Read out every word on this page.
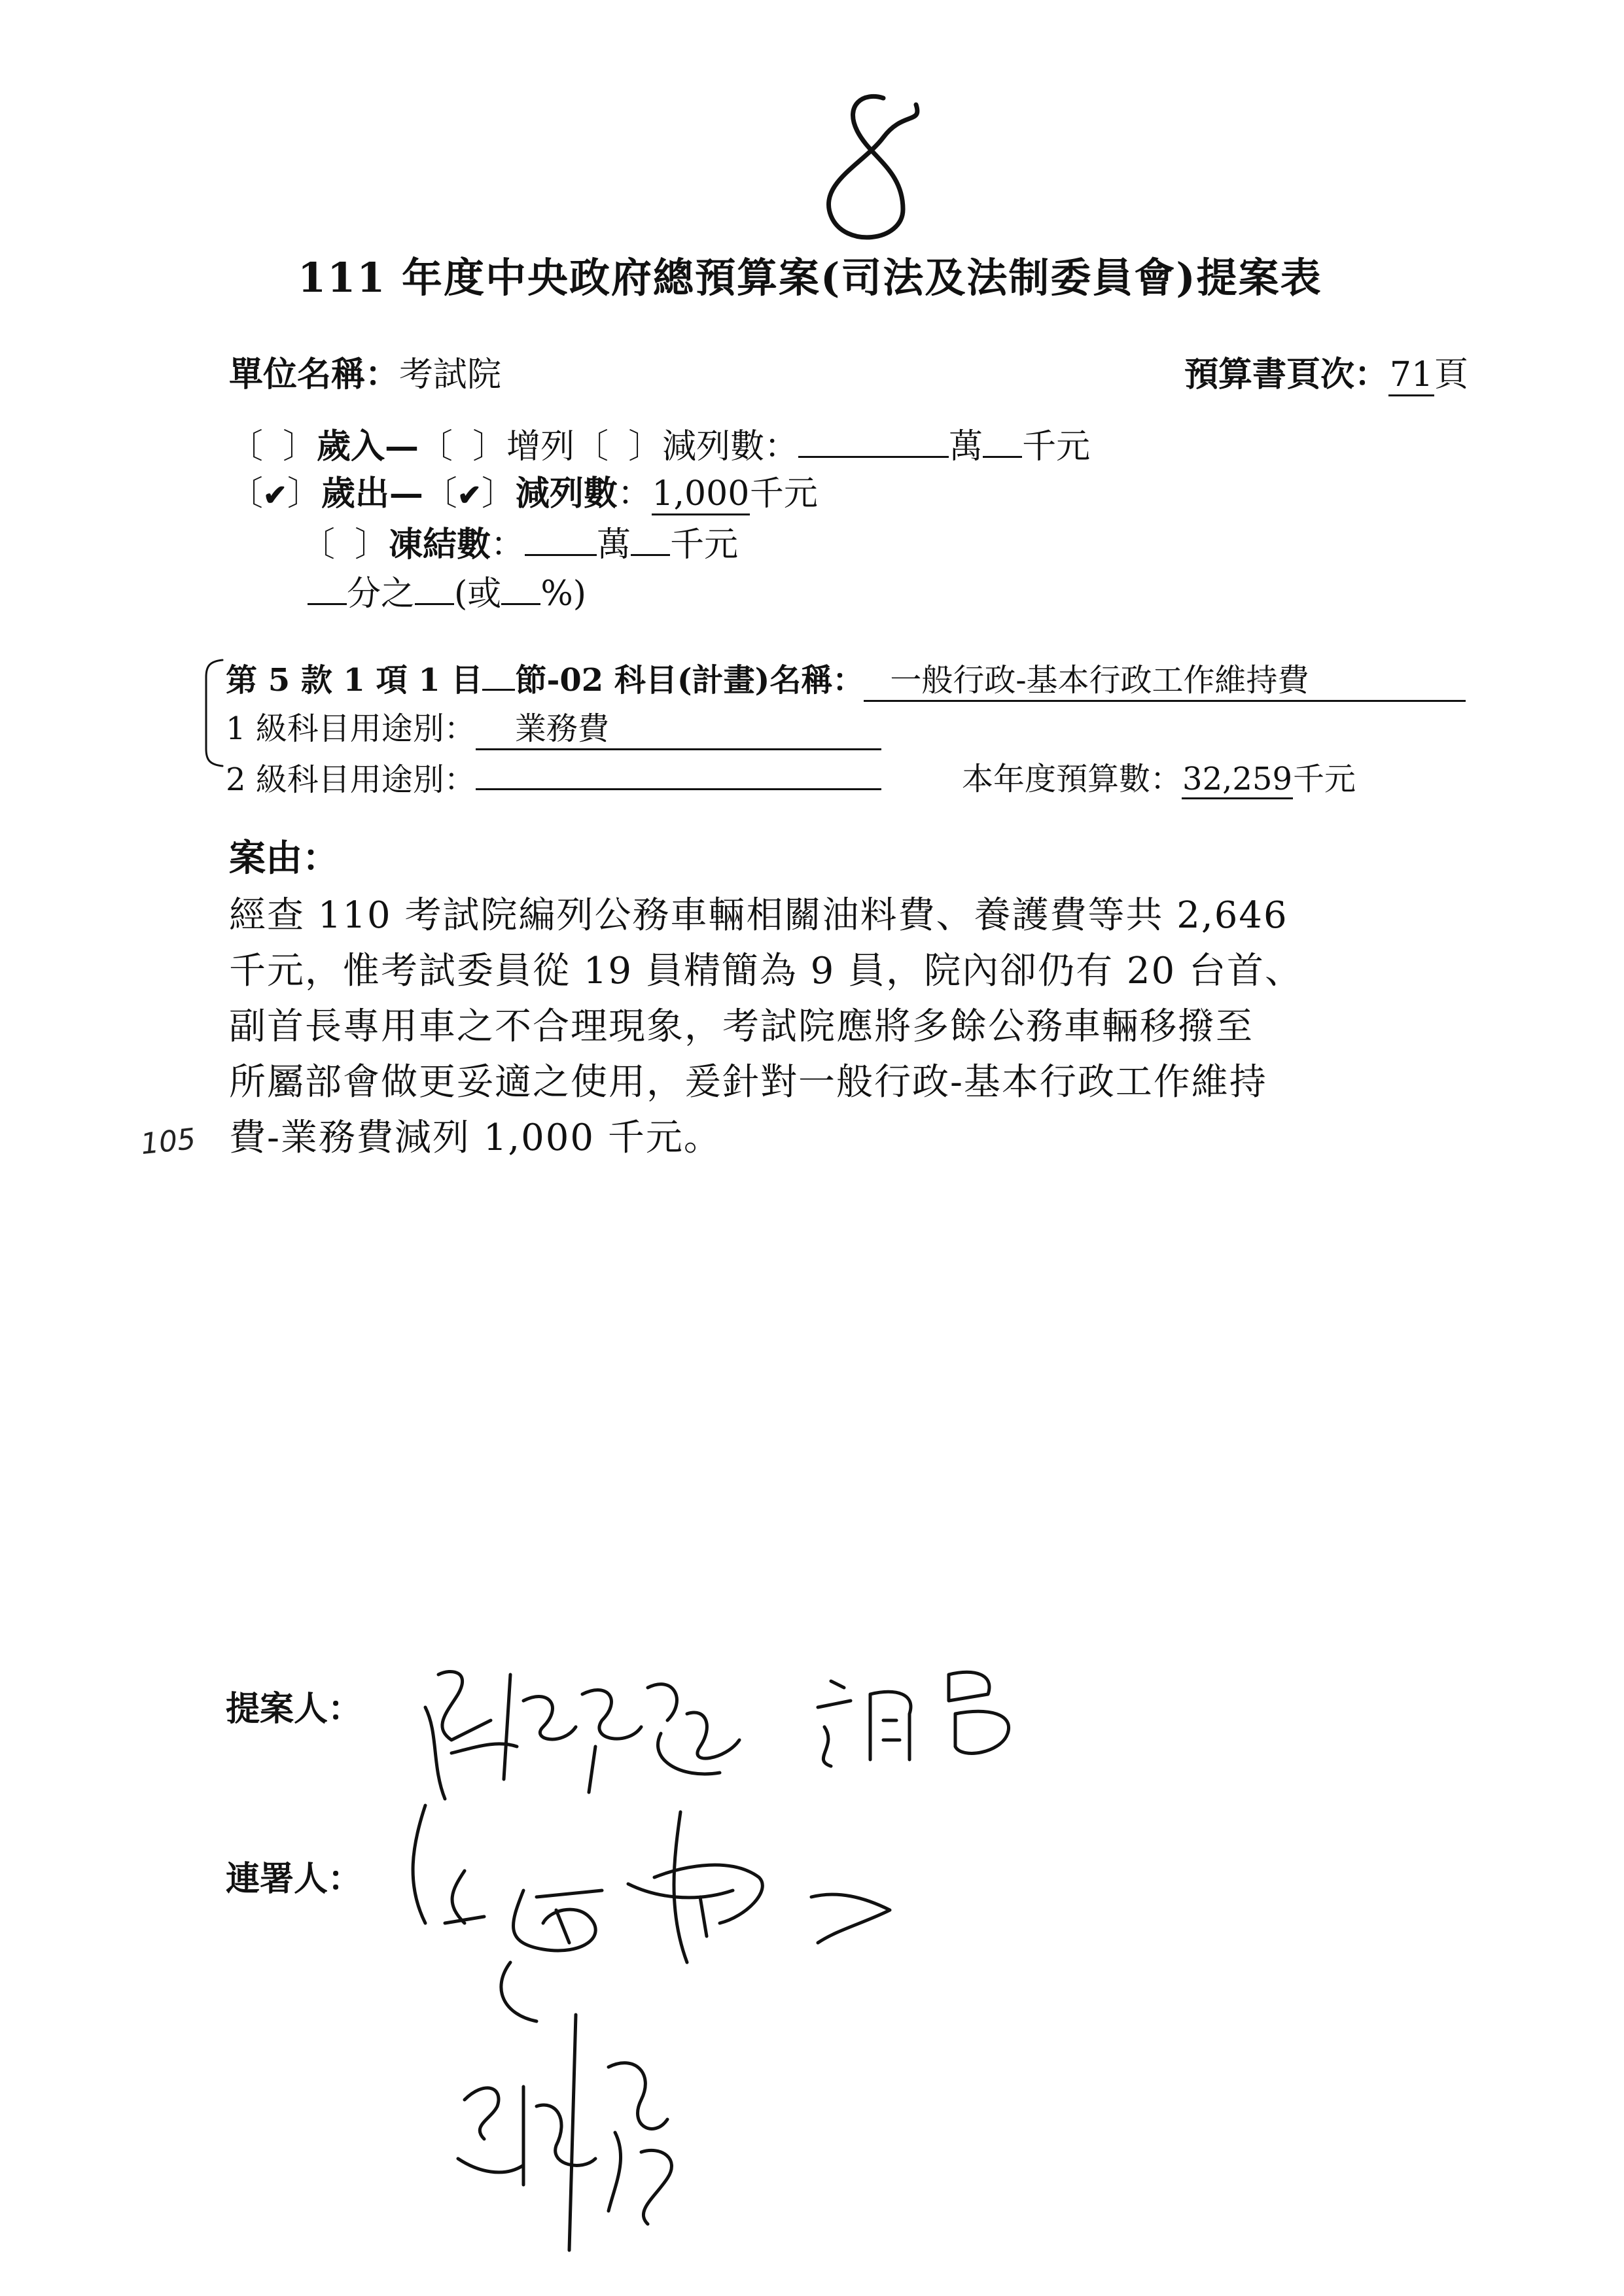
111 年度中央政府總預算案(司法及法制委員會)提案表
單位名稱：考試院	預算書頁次：71頁
〔 〕歲入—〔 〕增列〔 〕減列數：	萬 千元
〔✔〕歲出—〔✔〕減列數：1,000千元
〔 〕凍結數： 萬 千元
分之 (或 %)
第 5 款 1 項 1 目 節-02 科目(計畫)名稱： 一般行政-基本行政工作維持費
1 級科目用途別： 業務費
2 級科目用途別：	本年度預算數：32,259千元
案由：
經查 110 考試院編列公務車輛相關油料費、養護費等共 2,646
千元，惟考試委員從 19 員精簡為 9 員，院內卻仍有 20 台首、
副首長專用車之不合理現象，考試院應將多餘公務車輛移撥至
所屬部會做更妥適之使用，爰針對一般行政-基本行政工作維持
費-業務費減列 1,000 千元。
105
提案人：
連署人：
